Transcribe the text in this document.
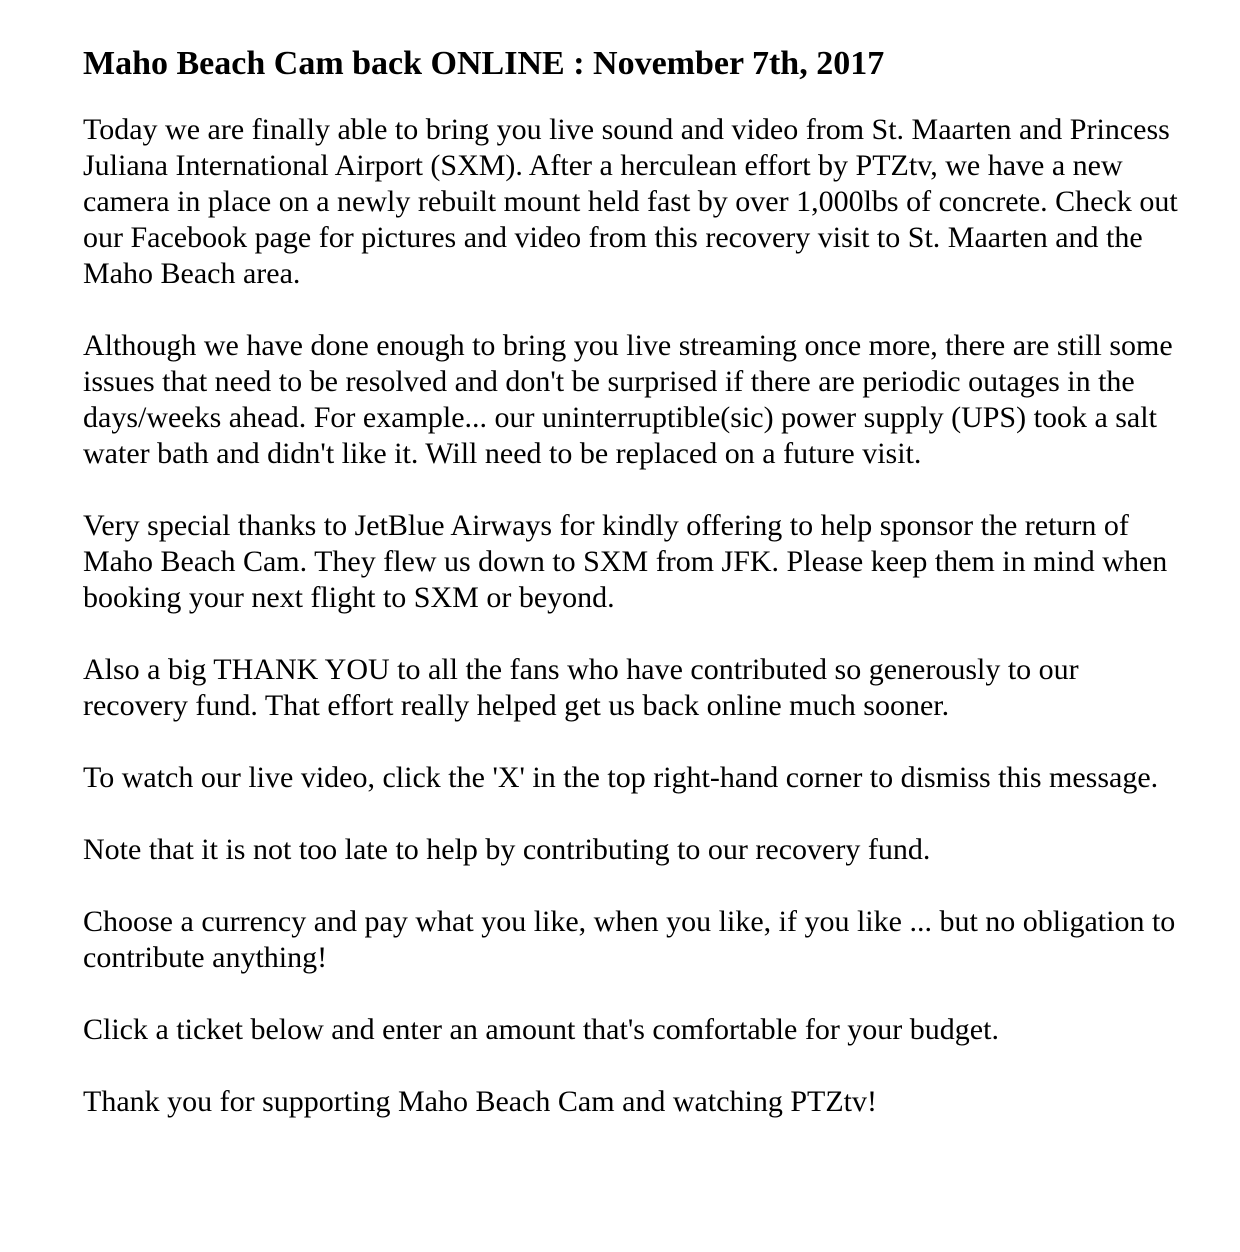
Maho Beach Cam back ONLINE : November 7th, 2017

Today we are finally able to bring you live sound and video from St. Maarten and Princess Juliana International Airport (SXM). After a herculean effort by PTZtv, we have a new camera in place on a newly rebuilt mount held fast by over 1,000lbs of concrete. Check out our Facebook page for pictures and video from this recovery visit to St. Maarten and the Maho Beach area.

Although we have done enough to bring you live streaming once more, there are still some issues that need to be resolved and don't be surprised if there are periodic outages in the days/weeks ahead. For example... our uninterruptible(sic) power supply (UPS) took a salt water bath and didn't like it. Will need to be replaced on a future visit.

Very special thanks to JetBlue Airways for kindly offering to help sponsor the return of Maho Beach Cam. They flew us down to SXM from JFK. Please keep them in mind when booking your next flight to SXM or beyond.

Also a big THANK YOU to all the fans who have contributed so generously to our recovery fund. That effort really helped get us back online much sooner.

To watch our live video, click the 'X' in the top right-hand corner to dismiss this message.

Note that it is not too late to help by contributing to our recovery fund.

Choose a currency and pay what you like, when you like, if you like ... but no obligation to contribute anything!

Click a ticket below and enter an amount that's comfortable for your budget.

Thank you for supporting Maho Beach Cam and watching PTZtv!
